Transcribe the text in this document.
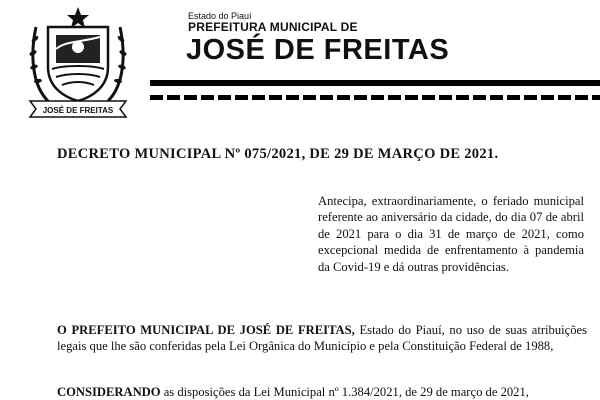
JOSÉ DE FREITAS
Estado do Piauí
PREFEITURA MUNICIPAL DE
JOSÉ DE FREITAS
DECRETO MUNICIPAL Nº 075/2021, DE 29 DE MARÇO DE 2021.
Antecipa, extraordinariamente, o feriado municipal referente ao aniversário da cidade, do dia 07 de abril de 2021 para o dia 31 de março de 2021, como excepcional medida de enfrentamento à pandemia da Covid-19 e dá outras providências.
O PREFEITO MUNICIPAL DE JOSÉ DE FREITAS, Estado do Piauí, no uso de suas atribuições legais que lhe são conferidas pela Lei Orgânica do Município e pela Constituição Federal de 1988,
CONSIDERANDO as disposições da Lei Municipal nº 1.384/2021, de 29 de março de 2021,
